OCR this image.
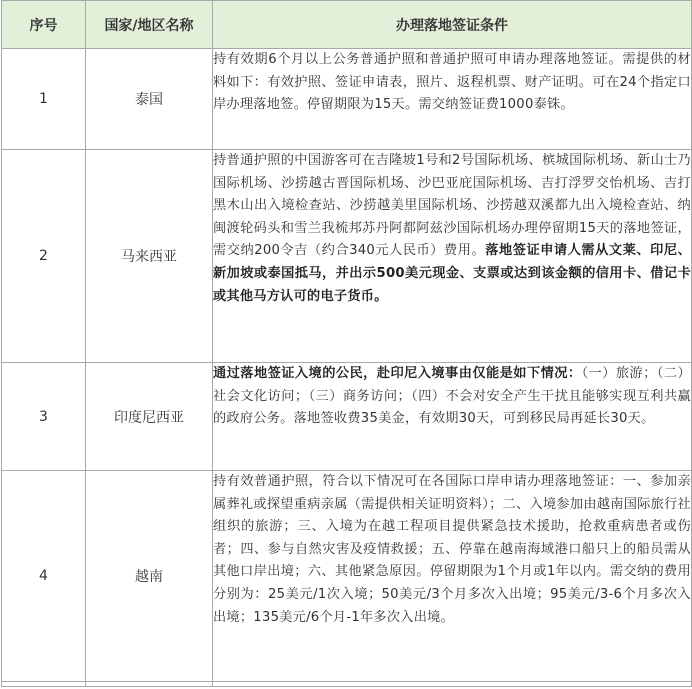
序号	国家/地区名称	办理落地签证条件
1	泰国	持有效期6个月以上公务普通护照和普通护照可申请办理落地签证。需提供的材料如下：有效护照、签证申请表，照片、返程机票、财产证明。可在24个指定口岸办理落地签。停留期限为15天。需交纳签证费1000泰铢。
2	马来西亚	持普通护照的中国游客可在吉隆坡1号和2号国际机场、槟城国际机场、新山士乃国际机场、沙捞越古晋国际机场、沙巴亚庇国际机场、吉打浮罗交怡机场、吉打黑木山出入境检查站、沙捞越美里国际机场、沙捞越双溪都九出入境检查站、纳闽渡轮码头和雪兰我梳邦苏丹阿都阿兹沙国际机场办理停留期15天的落地签证，需交纳200令吉（约合340元人民币）费用。落地签证申请人需从文莱、印尼、新加坡或泰国抵马，并出示500美元现金、支票或达到该金额的信用卡、借记卡或其他马方认可的电子货币。
3	印度尼西亚	通过落地签证入境的公民，赴印尼入境事由仅能是如下情况：（一）旅游；（二）社会文化访问；（三）商务访问；（四）不会对安全产生干扰且能够实现互利共赢的政府公务。落地签收费35美金，有效期30天，可到移民局再延长30天。
4	越南	持有效普通护照，符合以下情况可在各国际口岸申请办理落地签证：一、参加亲属葬礼或探望重病亲属（需提供相关证明资料）；二、入境参加由越南国际旅行社组织的旅游；三、入境为在越工程项目提供紧急技术援助，抢救重病患者或伤者；四、参与自然灾害及疫情救援；五、停靠在越南海域港口船只上的船员需从其他口岸出境；六、其他紧急原因。停留期限为1个月或1年以内。需交纳的费用分别为：25美元/1次入境；50美元/3个月多次入出境；95美元/3-6个月多次入出境；135美元/6个月-1年多次入出境。
